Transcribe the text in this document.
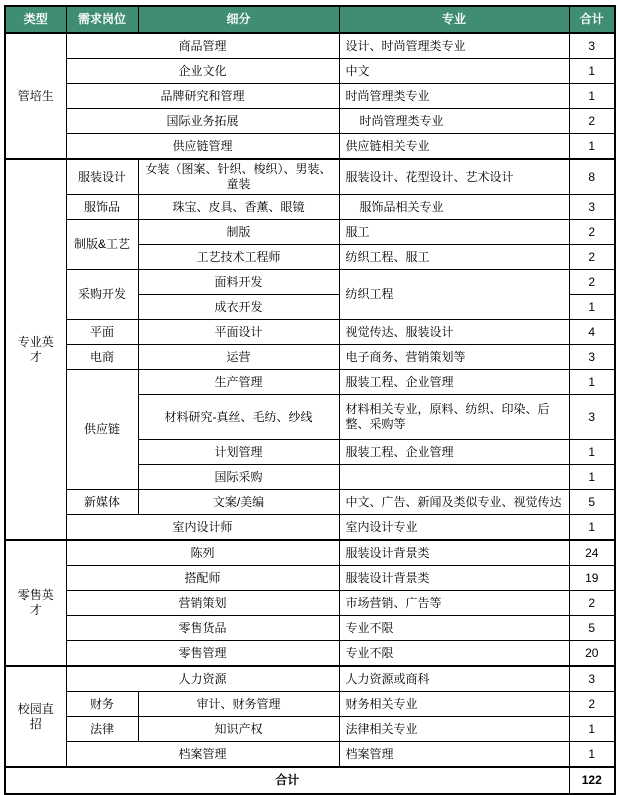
类型	需求岗位	细分	专业	合计
管培生	商品管理		设计、时尚管理类专业	3
	企业文化		中文	1
	品牌研究和管理		时尚管理类专业	1
	国际业务拓展		时尚管理类专业	2
	供应链管理		供应链相关专业	1
专业英才	服装设计	女装（图案、针织、梭织）、男装、童装	服装设计、花型设计、艺术设计	8
	服饰品	珠宝、皮具、香薰、眼镜	服饰品相关专业	3
	制版&工艺	制版	服工	2
		工艺技术工程师	纺织工程、服工	2
	采购开发	面料开发	纺织工程	2
		成衣开发		1
	平面	平面设计	视觉传达、服装设计	4
	电商	运营	电子商务、营销策划等	3
	供应链	生产管理	服装工程、企业管理	1
		材料研究-真丝、毛纺、纱线	材料相关专业，原料、纺织、印染、后整、采购等	3
		计划管理	服装工程、企业管理	1
		国际采购		1
	新媒体	文案/美编	中文、广告、新闻及类似专业、视觉传达	5
	室内设计师		室内设计专业	1
零售英才	陈列		服装设计背景类	24
	搭配师		服装设计背景类	19
	营销策划		市场营销、广告等	2
	零售货品		专业不限	5
	零售管理		专业不限	20
校园直招	人力资源		人力资源或商科	3
	财务	审计、财务管理	财务相关专业	2
	法律	知识产权	法律相关专业	1
	档案管理		档案管理	1
合计				122
